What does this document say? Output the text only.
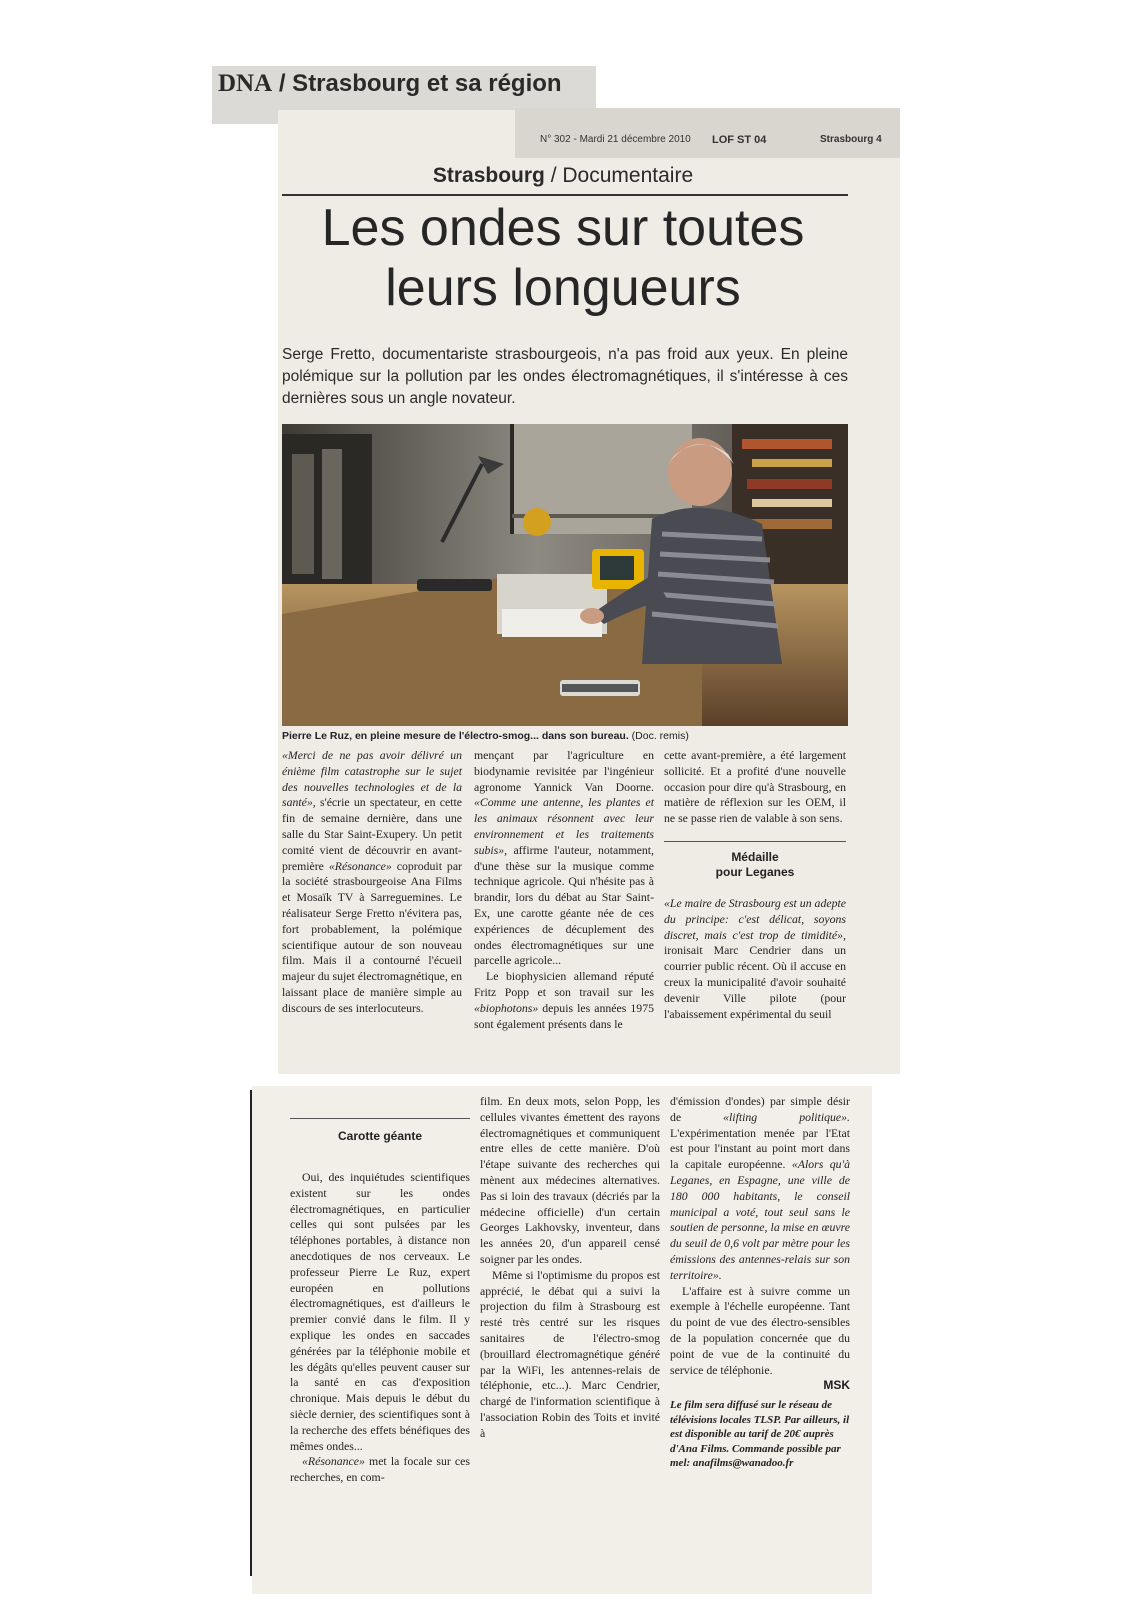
DNA / Strasbourg et sa région
N° 302 - Mardi 21 décembre 2010 LOF ST 04	Strasbourg 4
Strasbourg / Documentaire
Les ondes sur toutes
leurs longueurs
Serge Fretto, documentariste strasbourgeois, n'a pas froid aux yeux. En pleine polémique sur la pollution par les ondes électromagnétiques, il s'intéresse à ces dernières sous un angle novateur.
Pierre Le Ruz, en pleine mesure de l'électro-smog... dans son bureau. (Doc. remis)
«Merci de ne pas avoir délivré un énième film catastrophe sur le sujet des nouvelles technologies et de la santé», s'écrie un spectateur, en cette fin de semaine dernière, dans une salle du Star Saint-Exupery. Un petit comité vient de découvrir en avant-première «Résonance» coproduit par la société strasbourgeoise Ana Films et Mosaïk TV à Sarreguemines. Le réalisateur Serge Fretto n'évitera pas, fort probablement, la polémique scientifique autour de son nouveau film. Mais il a contourné l'écueil majeur du sujet électromagnétique, en laissant place de manière simple au discours de ses interlocuteurs.
mençant par l'agriculture en biodynamie revisitée par l'ingénieur agronome Yannick Van Doorne. «Comme une antenne, les plantes et les animaux résonnent avec leur environnement et les traitements subis», affirme l'auteur, notamment, d'une thèse sur la musique comme technique agricole. Qui n'hésite pas à brandir, lors du débat au Star Saint-Ex, une carotte géante née de ces expériences de décuplement des ondes électromagnétiques sur une parcelle agricole...
Le biophysicien allemand réputé Fritz Popp et son travail sur les «biophotons» depuis les années 1975 sont également présents dans le
cette avant-première, a été largement sollicité. Et a profité d'une nouvelle occasion pour dire qu'à Strasbourg, en matière de réflexion sur les OEM, il ne se passe rien de valable à son sens.
Médaille
pour Leganes
«Le maire de Strasbourg est un adepte du principe: c'est délicat, soyons discret, mais c'est trop de timidité», ironisait Marc Cendrier dans un courrier public récent. Où il accuse en creux la municipalité d'avoir souhaité devenir Ville pilote (pour l'abaissement expérimental du seuil
Carotte géante
Oui, des inquiétudes scientifiques existent sur les ondes électromagnétiques, en particulier celles qui sont pulsées par les téléphones portables, à distance non anecdotiques de nos cerveaux. Le professeur Pierre Le Ruz, expert européen en pollutions électromagnétiques, est d'ailleurs le premier convié dans le film. Il y explique les ondes en saccades générées par la téléphonie mobile et les dégâts qu'elles peuvent causer sur la santé en cas d'exposition chronique. Mais depuis le début du siècle dernier, des scientifiques sont à la recherche des effets bénéfiques des mêmes ondes...
«Résonance» met la focale sur ces recherches, en com-
film. En deux mots, selon Popp, les cellules vivantes émettent des rayons électromagnétiques et communiquent entre elles de cette manière. D'où l'étape suivante des recherches qui mènent aux médecines alternatives. Pas si loin des travaux (décriés par la médecine officielle) d'un certain Georges Lakhovsky, inventeur, dans les années 20, d'un appareil censé soigner par les ondes.
Même si l'optimisme du propos est apprécié, le débat qui a suivi la projection du film à Strasbourg est resté très centré sur les risques sanitaires de l'électro-smog (brouillard électromagnétique généré par la WiFi, les antennes-relais de téléphonie, etc...). Marc Cendrier, chargé de l'information scientifique à l'association Robin des Toits et invité à
d'émission d'ondes) par simple désir de «lifting politique». L'expérimentation menée par l'Etat est pour l'instant au point mort dans la capitale européenne. «Alors qu'à Leganes, en Espagne, une ville de 180 000 habitants, le conseil municipal a voté, tout seul sans le soutien de personne, la mise en œuvre du seuil de 0,6 volt par mètre pour les émissions des antennes-relais sur son territoire».
L'affaire est à suivre comme un exemple à l'échelle européenne. Tant du point de vue des électro-sensibles de la population concernée que du point de vue de la continuité du service de téléphonie.
MSK
Le film sera diffusé sur le réseau de télévisions locales TLSP. Par ailleurs, il est disponible au tarif de 20€ auprès d'Ana Films. Commande possible par mel: anafilms@wanadoo.fr
